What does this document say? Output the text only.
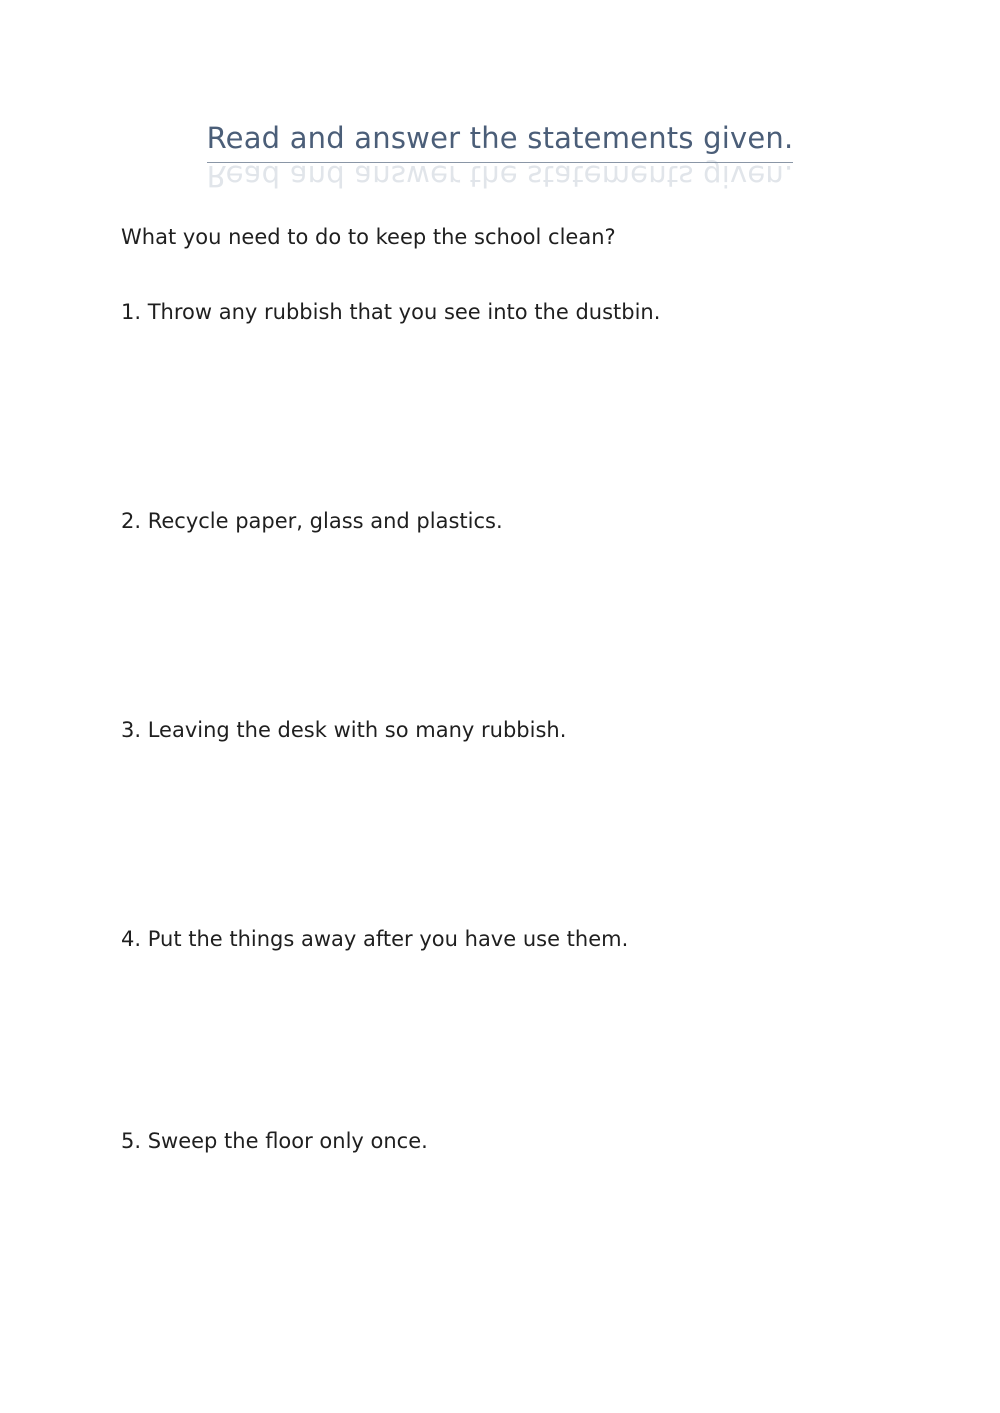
Read and answer the statements given.
Read and answer the statements given.

What you need to do to keep the school clean?

1. Throw any rubbish that you see into the dustbin.

2. Recycle paper, glass and plastics.

3. Leaving the desk with so many rubbish.

4. Put the things away after you have use them.

5. Sweep the floor only once.
